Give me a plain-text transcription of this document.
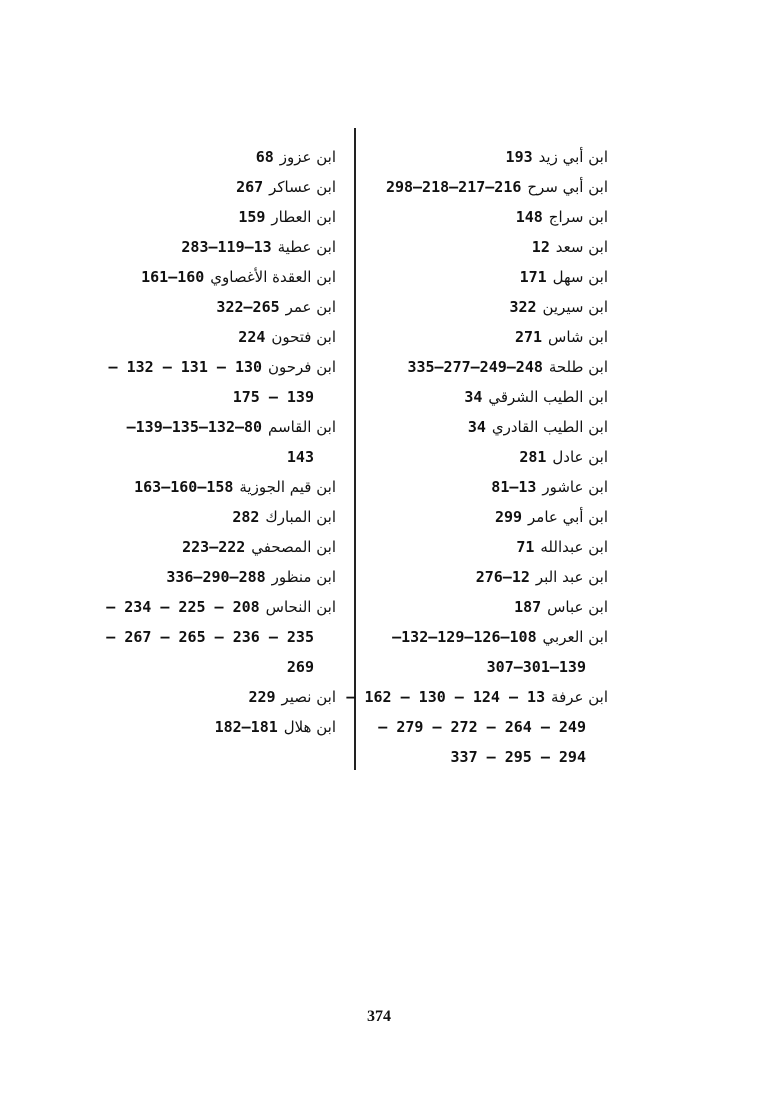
ابن أبي زيد 193
ابن أبي سرح 298–218–217–216
ابن سراج 148
ابن سعد 12
ابن سهل 171
ابن سيرين 322
ابن شاس 271
ابن طلحة 335–277–249–248
ابن الطيب الشرقي 34
ابن الطيب القادري 34
ابن عادل 281
ابن عاشور 81–13
ابن أبي عامر 299
ابن عبدالله 71
ابن عبد البر 276–12
ابن عباس 187
ابن العربي –132–129–126–108
307–301–139
ابن عرفة – 162 – 130 – 124 – 13
– 279 – 272 – 264 – 249
337 – 295 – 294
ابن عزوز 68
ابن عساكر 267
ابن العطار 159
ابن عطية 283–119–13
ابن العقدة الأغصاوي 161–160
ابن عمر 322–265
ابن فتحون 224
ابن فرحون – 132 – 131 – 130
175 – 139
ابن القاسم –139–135–132–80
143
ابن قيم الجوزية 163–160–158
ابن المبارك 282
ابن المصحفي 223–222
ابن منظور 336–290–288
ابن النحاس – 234 – 225 – 208
– 267 – 265 – 236 – 235
269
ابن نصير 229
ابن هلال 182–181
374
